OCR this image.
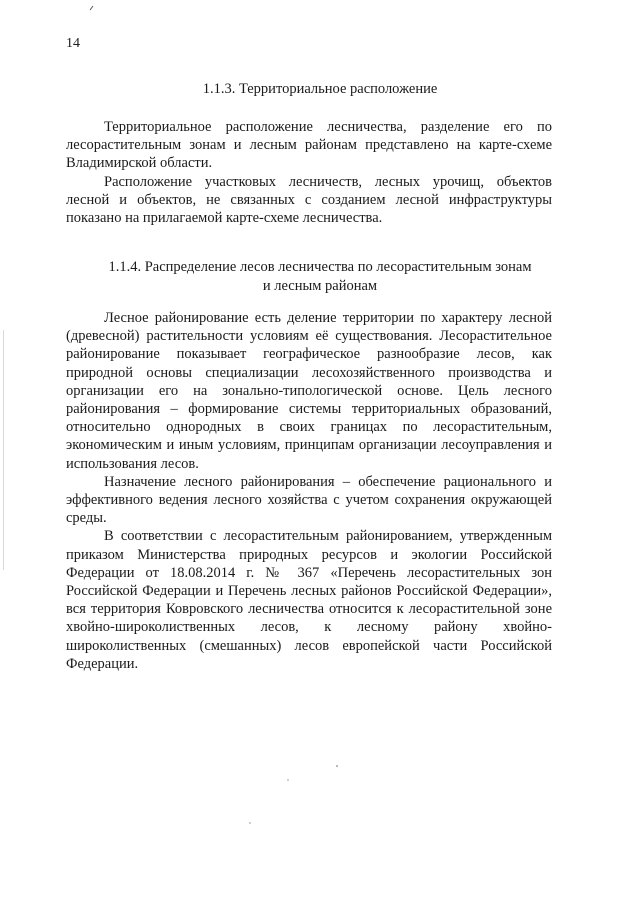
14
1.1.3. Территориальное расположение

Территориальное расположение лесничества, разделение его по лесорастительным зонам и лесным районам представлено на карте-схеме Владимирской области.

Расположение участковых лесничеств, лесных урочищ, объектов лесной и объектов, не связанных с созданием лесной инфраструктуры показано на прилагаемой карте-схеме лесничества.

1.1.4. Распределение лесов лесничества по лесорастительным зонам
и лесным районам

Лесное районирование есть деление территории по характеру лесной (древесной) растительности условиям её существования. Лесорастительное районирование показывает географическое разнообразие лесов, как природной основы специализации лесохозяйственного производства и организации его на зонально-типологической основе. Цель лесного районирования – формирование системы территориальных образований, относительно однородных в своих границах по лесорастительным, экономическим и иным условиям, принципам организации лесоуправления и использования лесов.

Назначение лесного районирования – обеспечение рационального и эффективного ведения лесного хозяйства с учетом сохранения окружающей среды.

В соответствии с лесорастительным районированием, утвержденным приказом Министерства природных ресурсов и экологии Российской Федерации от 18.08.2014 г. № 367 «Перечень лесорастительных зон Российской Федерации и Перечень лесных районов Российской Федерации», вся территория Ковровского лесничества относится к лесорастительной зоне хвойно-широколиственных лесов, к лесному району хвойно-широколиственных (смешанных) лесов европейской части Российской Федерации.
